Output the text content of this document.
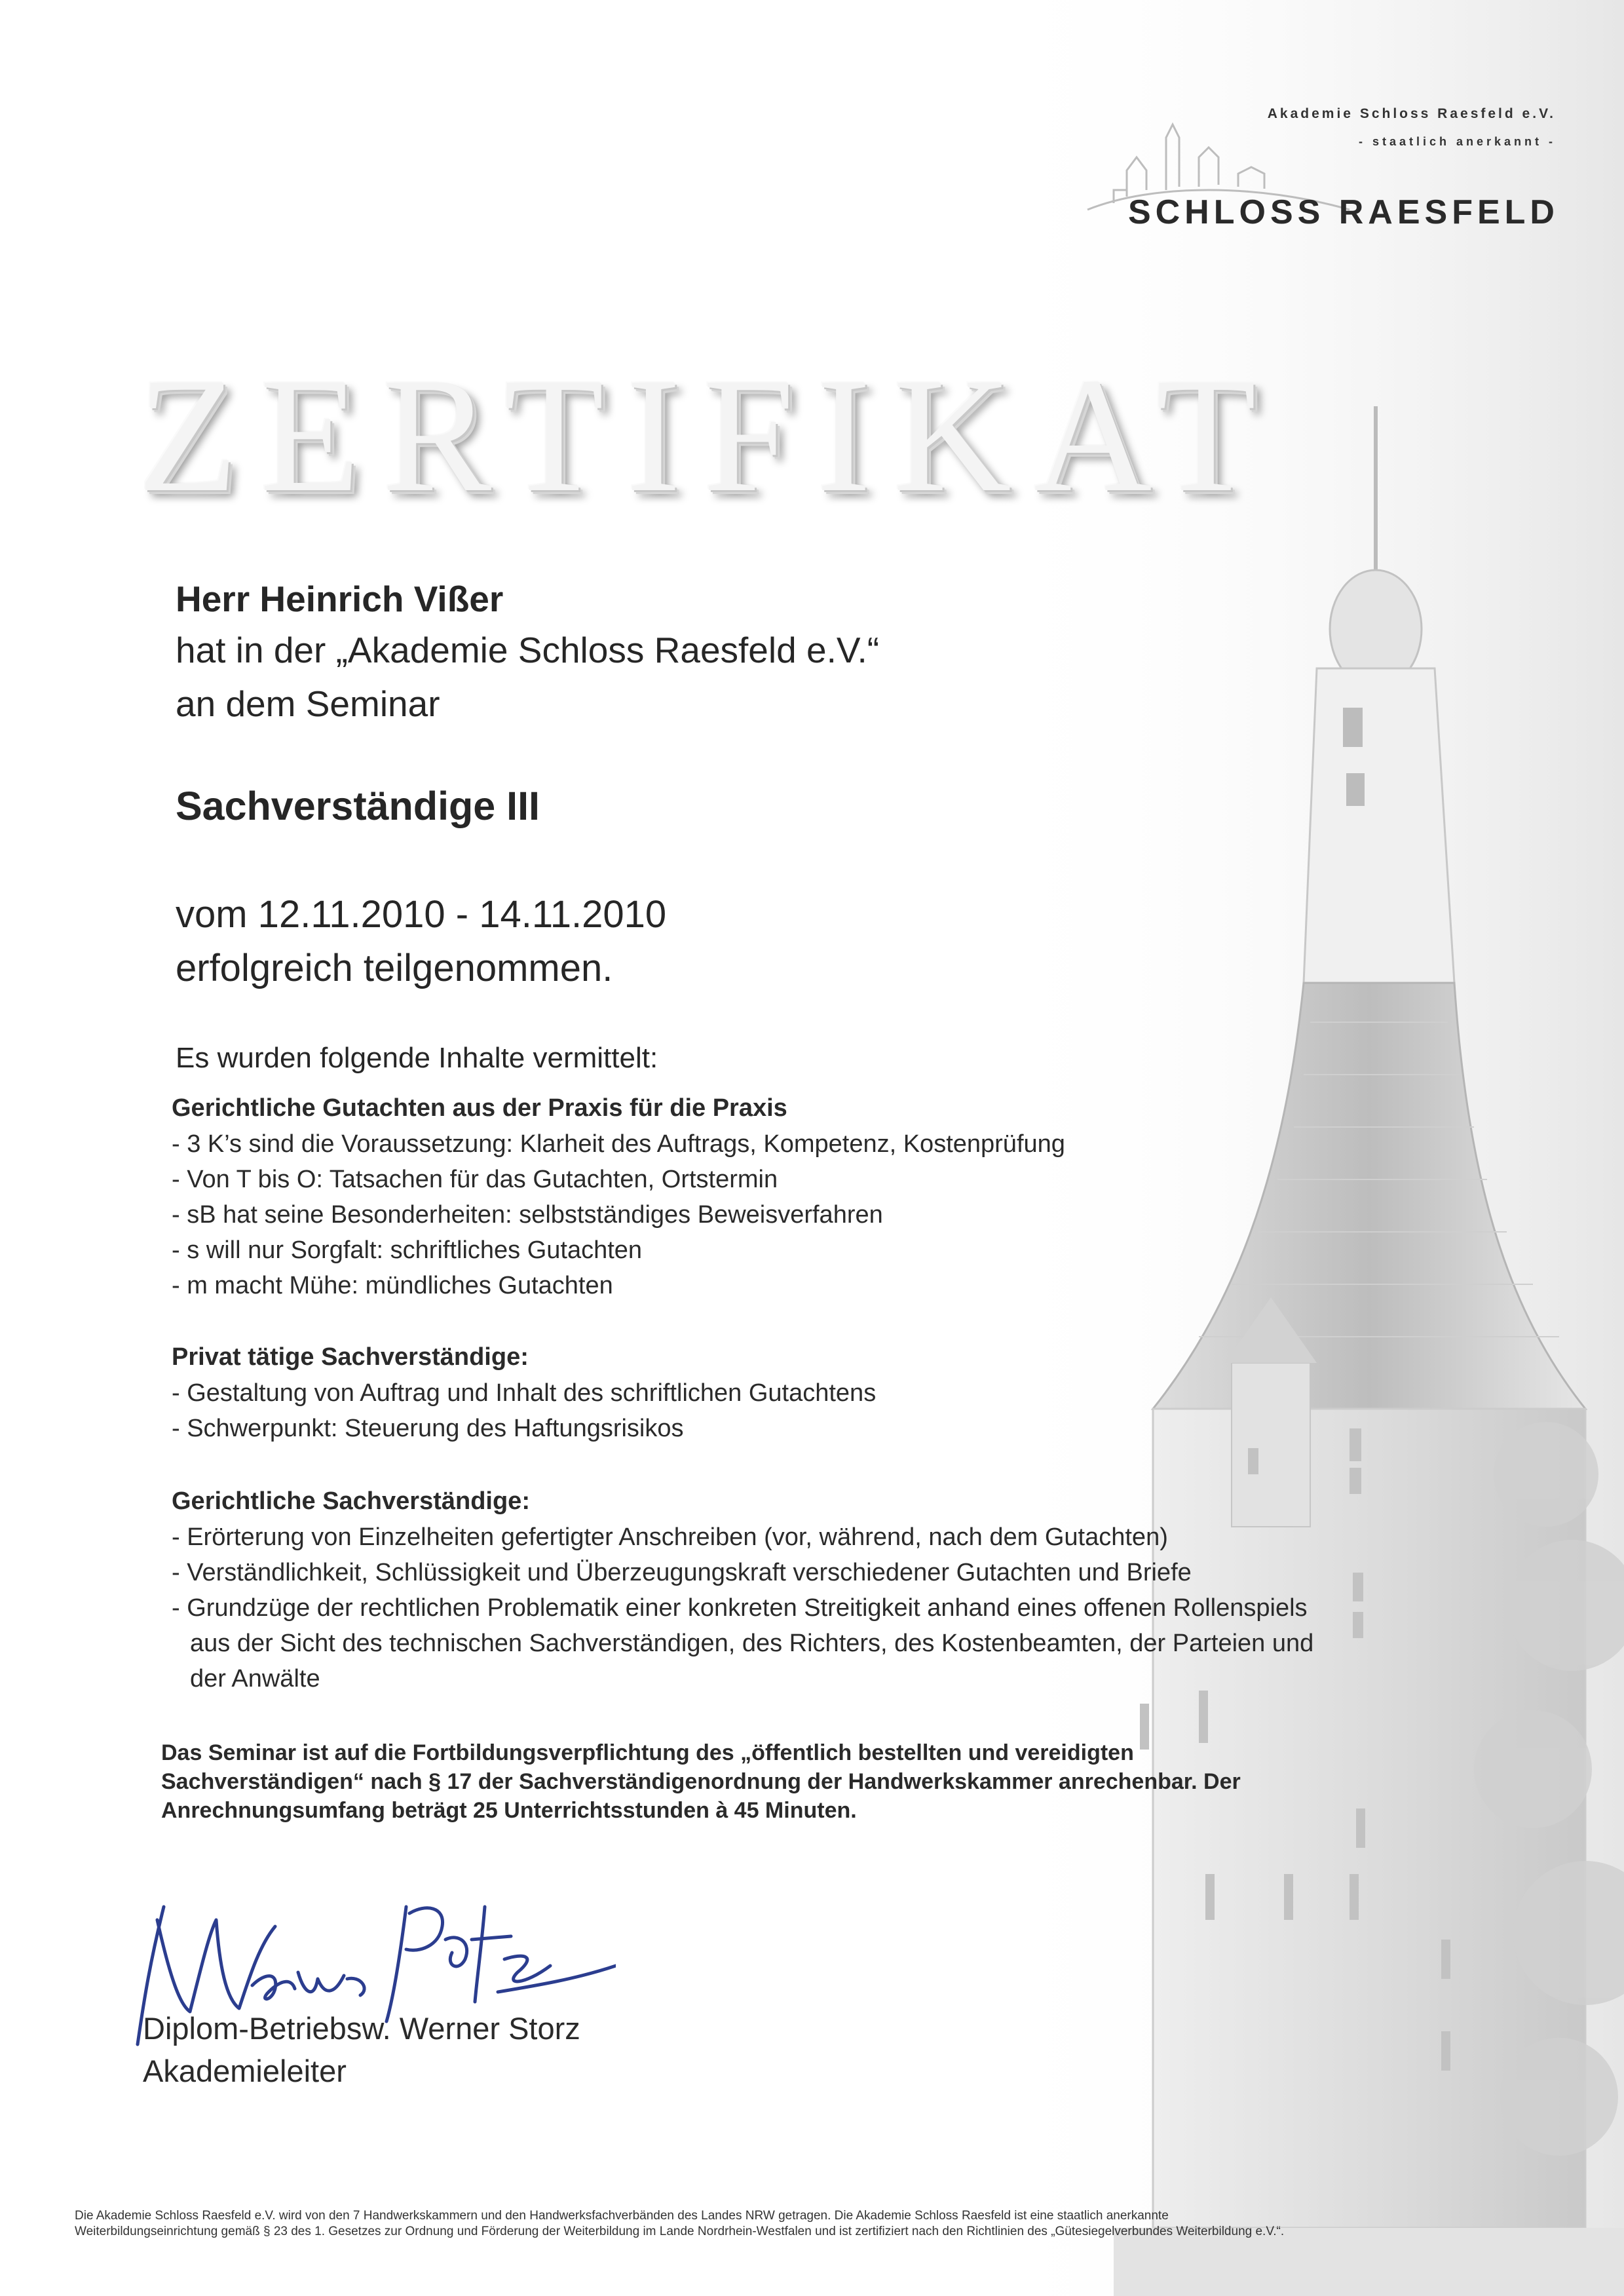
Akademie Schloss Raesfeld e.V.
- staatlich anerkannt -
SCHLOSS RAESFELD
ZERTIFIKAT
Herr Heinrich Vißer
hat in der „Akademie Schloss Raesfeld e.V.“
an dem Seminar
Sachverständige III
vom 12.11.2010 - 14.11.2010
erfolgreich teilgenommen.
Es wurden folgende Inhalte vermittelt:
Gerichtliche Gutachten aus der Praxis für die Praxis
- 3 K’s sind die Voraussetzung: Klarheit des Auftrags, Kompetenz, Kostenprüfung
- Von T bis O: Tatsachen für das Gutachten, Ortstermin
- sB hat seine Besonderheiten: selbstständiges Beweisverfahren
- s will nur Sorgfalt: schriftliches Gutachten
- m macht Mühe: mündliches Gutachten
Privat tätige Sachverständige:
- Gestaltung von Auftrag und Inhalt des schriftlichen Gutachtens
- Schwerpunkt: Steuerung des Haftungsrisikos
Gerichtliche Sachverständige:
- Erörterung von Einzelheiten gefertigter Anschreiben (vor, während, nach dem Gutachten)
- Verständlichkeit, Schlüssigkeit und Überzeugungskraft verschiedener Gutachten und Briefe
- Grundzüge der rechtlichen Problematik einer konkreten Streitigkeit anhand eines offenen Rollenspiels aus der Sicht des technischen Sachverständigen, des Richters, des Kostenbeamten, der Parteien und der Anwälte
Das Seminar ist auf die Fortbildungsverpflichtung des „öffentlich bestellten und vereidigten Sachverständigen“ nach § 17 der Sachverständigenordnung der Handwerkskammer anrechenbar. Der Anrechnungsumfang beträgt 25 Unterrichtsstunden à 45 Minuten.
Diplom-Betriebsw. Werner Storz
Akademieleiter
Die Akademie Schloss Raesfeld e.V. wird von den 7 Handwerkskammern und den Handwerksfachverbänden des Landes NRW getragen. Die Akademie Schloss Raesfeld ist eine staatlich anerkannte Weiterbildungseinrichtung gemäß § 23 des 1. Gesetzes zur Ordnung und Förderung der Weiterbildung im Lande Nordrhein-Westfalen und ist zertifiziert nach den Richtlinien des „Gütesiegelverbundes Weiterbildung e.V.“.
